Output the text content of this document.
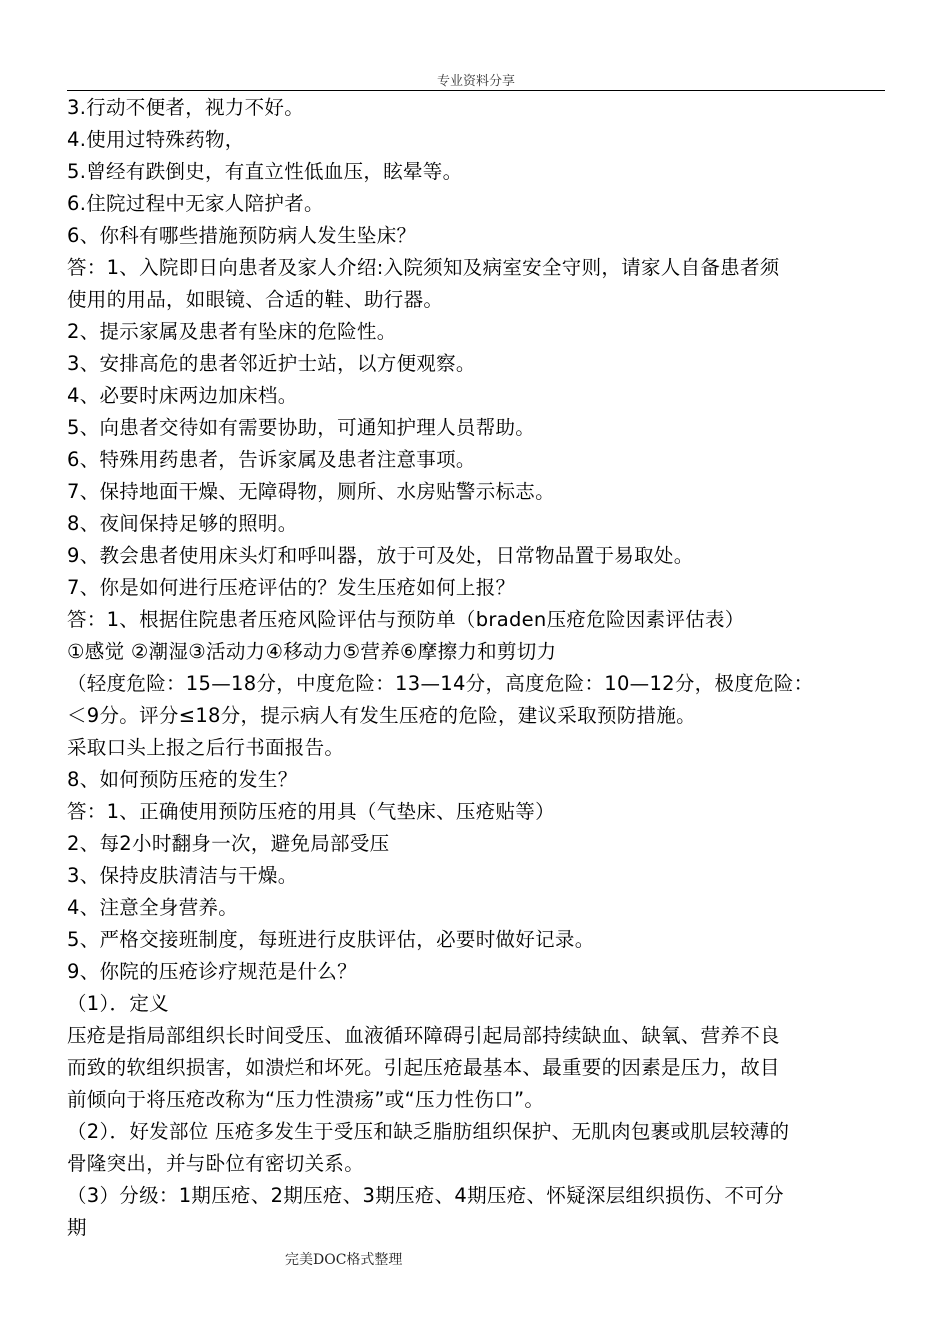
专业资料分享
3.行动不便者，视力不好。
4.使用过特殊药物，
5.曾经有跌倒史，有直立性低血压，眩晕等。
6.住院过程中无家人陪护者。
6、你科有哪些措施预防病人发生坠床？
答：1、入院即日向患者及家人介绍:入院须知及病室安全守则，请家人自备患者须
使用的用品，如眼镜、合适的鞋、助行器。
2、提示家属及患者有坠床的危险性。
3、安排高危的患者邻近护士站，以方便观察。
4、必要时床两边加床档。
5、向患者交待如有需要协助，可通知护理人员帮助。
6、特殊用药患者，告诉家属及患者注意事项。
7、保持地面干燥、无障碍物，厕所、水房贴警示标志。
8、夜间保持足够的照明。
9、教会患者使用床头灯和呼叫器，放于可及处，日常物品置于易取处。
7、你是如何进行压疮评估的？发生压疮如何上报？
答：1、根据住院患者压疮风险评估与预防单（braden压疮危险因素评估表）
①感觉 ②潮湿③活动力④移动力⑤营养⑥摩擦力和剪切力
（轻度危险：15—18分，中度危险：13—14分，高度危险：10—12分，极度危险：
＜9分。评分≤18分，提示病人有发生压疮的危险，建议采取预防措施。
采取口头上报之后行书面报告。
8、如何预防压疮的发生？
答：1、正确使用预防压疮的用具（气垫床、压疮贴等）
2、每2小时翻身一次，避免局部受压
3、保持皮肤清洁与干燥。
4、注意全身营养。
5、严格交接班制度，每班进行皮肤评估，必要时做好记录。
9、你院的压疮诊疗规范是什么？
（1）．定义
压疮是指局部组织长时间受压、血液循环障碍引起局部持续缺血、缺氧、营养不良
而致的软组织损害，如溃烂和坏死。引起压疮最基本、最重要的因素是压力，故目
前倾向于将压疮改称为“压力性溃疡”或“压力性伤口”。
（2）．好发部位 压疮多发生于受压和缺乏脂肪组织保护、无肌肉包裹或肌层较薄的
骨隆突出，并与卧位有密切关系。
（3）分级：1期压疮、2期压疮、3期压疮、4期压疮、怀疑深层组织损伤、不可分
期
完美DOC格式整理
